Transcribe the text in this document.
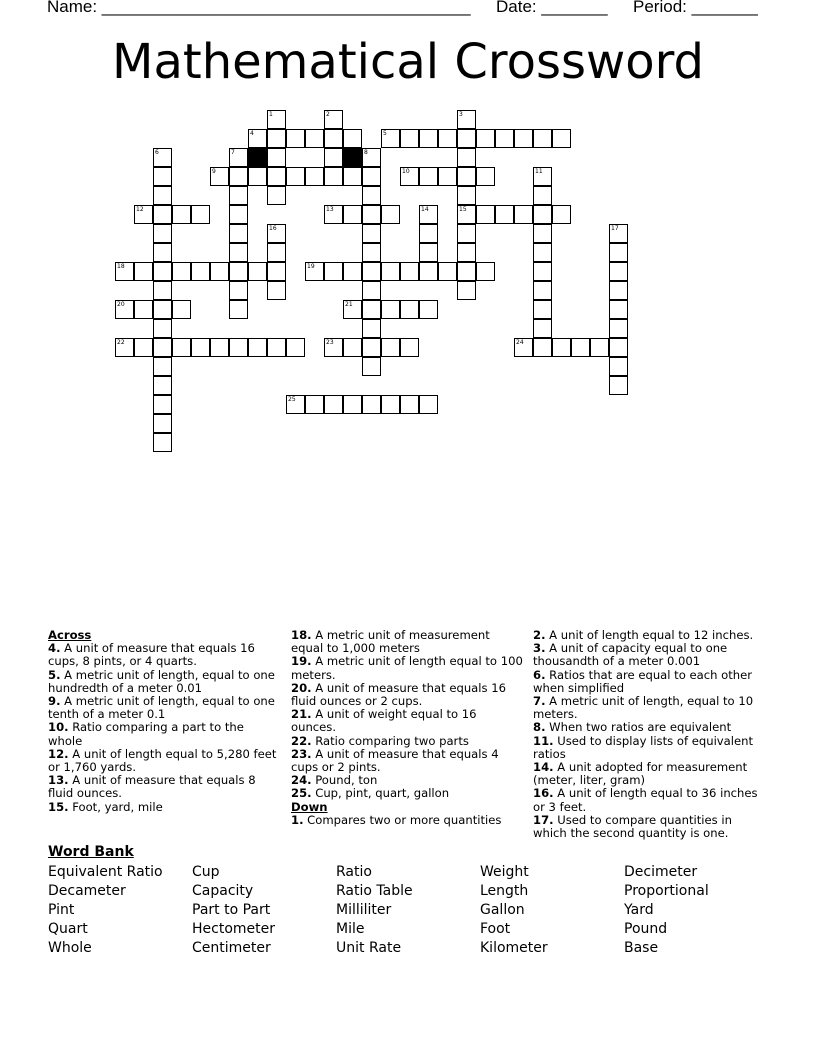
Name: _______________________________________ Date: _______ Period: _______
Mathematical Crossword
1	2	3
4	5
6	7	8
9	10	11
12	13	14	15
16	17
18	19
20	21
22	23	24
25
Across
4. A unit of measure that equals 16 cups, 8 pints, or 4 quarts.
5. A metric unit of length, equal to one hundredth of a meter 0.01
9. A metric unit of length, equal to one tenth of a meter 0.1
10. Ratio comparing a part to the whole
12. A unit of length equal to 5,280 feet or 1,760 yards.
13. A unit of measure that equals 8 fluid ounces.
15. Foot, yard, mile
18. A metric unit of measurement equal to 1,000 meters
19. A metric unit of length equal to 100 meters.
20. A unit of measure that equals 16 fluid ounces or 2 cups.
21. A unit of weight equal to 16 ounces.
22. Ratio comparing two parts
23. A unit of measure that equals 4 cups or 2 pints.
24. Pound, ton
25. Cup, pint, quart, gallon
Down
1. Compares two or more quantities
2. A unit of length equal to 12 inches.
3. A unit of capacity equal to one thousandth of a meter 0.001
6. Ratios that are equal to each other when simplified
7. A metric unit of length, equal to 10 meters.
8. When two ratios are equivalent
11. Used to display lists of equivalent ratios
14. A unit adopted for measurement (meter, liter, gram)
16. A unit of length equal to 36 inches or 3 feet.
17. Used to compare quantities in which the second quantity is one.
Word Bank
Equivalent Ratio	Cup	Ratio	Weight	Decimeter
Decameter	Capacity	Ratio Table	Length	Proportional
Pint	Part to Part	Milliliter	Gallon	Yard
Quart	Hectometer	Mile	Foot	Pound
Whole	Centimeter	Unit Rate	Kilometer	Base
